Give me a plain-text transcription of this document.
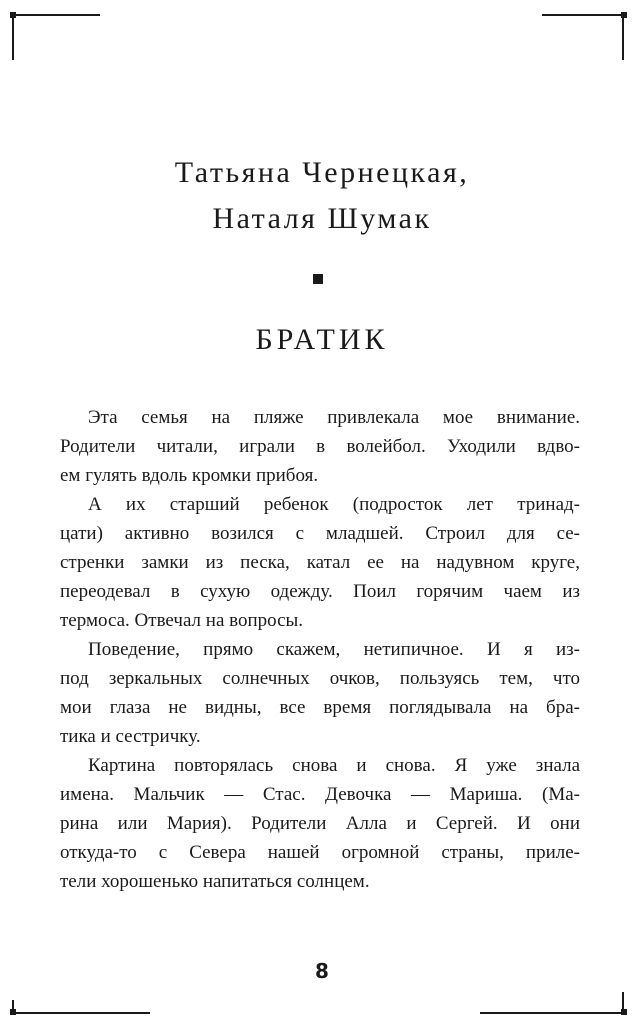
Татьяна Чернецкая,
Наталя Шумак
БРАТИК

Эта семья на пляже привлекала мое внимание.
Родители читали, играли в волейбол. Уходили вдво-
ем гулять вдоль кромки прибоя.

А их старший ребенок (подросток лет тринад-
цати) активно возился с младшей. Строил для се-
стренки замки из песка, катал ее на надувном круге,
переодевал в сухую одежду. Поил горячим чаем из
термоса. Отвечал на вопросы.

Поведение, прямо скажем, нетипичное. И я из-
под зеркальных солнечных очков, пользуясь тем, что
мои глаза не видны, все время поглядывала на бра-
тика и сестричку.

Картина повторялась снова и снова. Я уже знала
имена. Мальчик — Стас. Девочка — Мариша. (Ма-
рина или Мария). Родители Алла и Сергей. И они
откуда-то с Севера нашей огромной страны, приле-
тели хорошенько напитаться солнцем.

8
